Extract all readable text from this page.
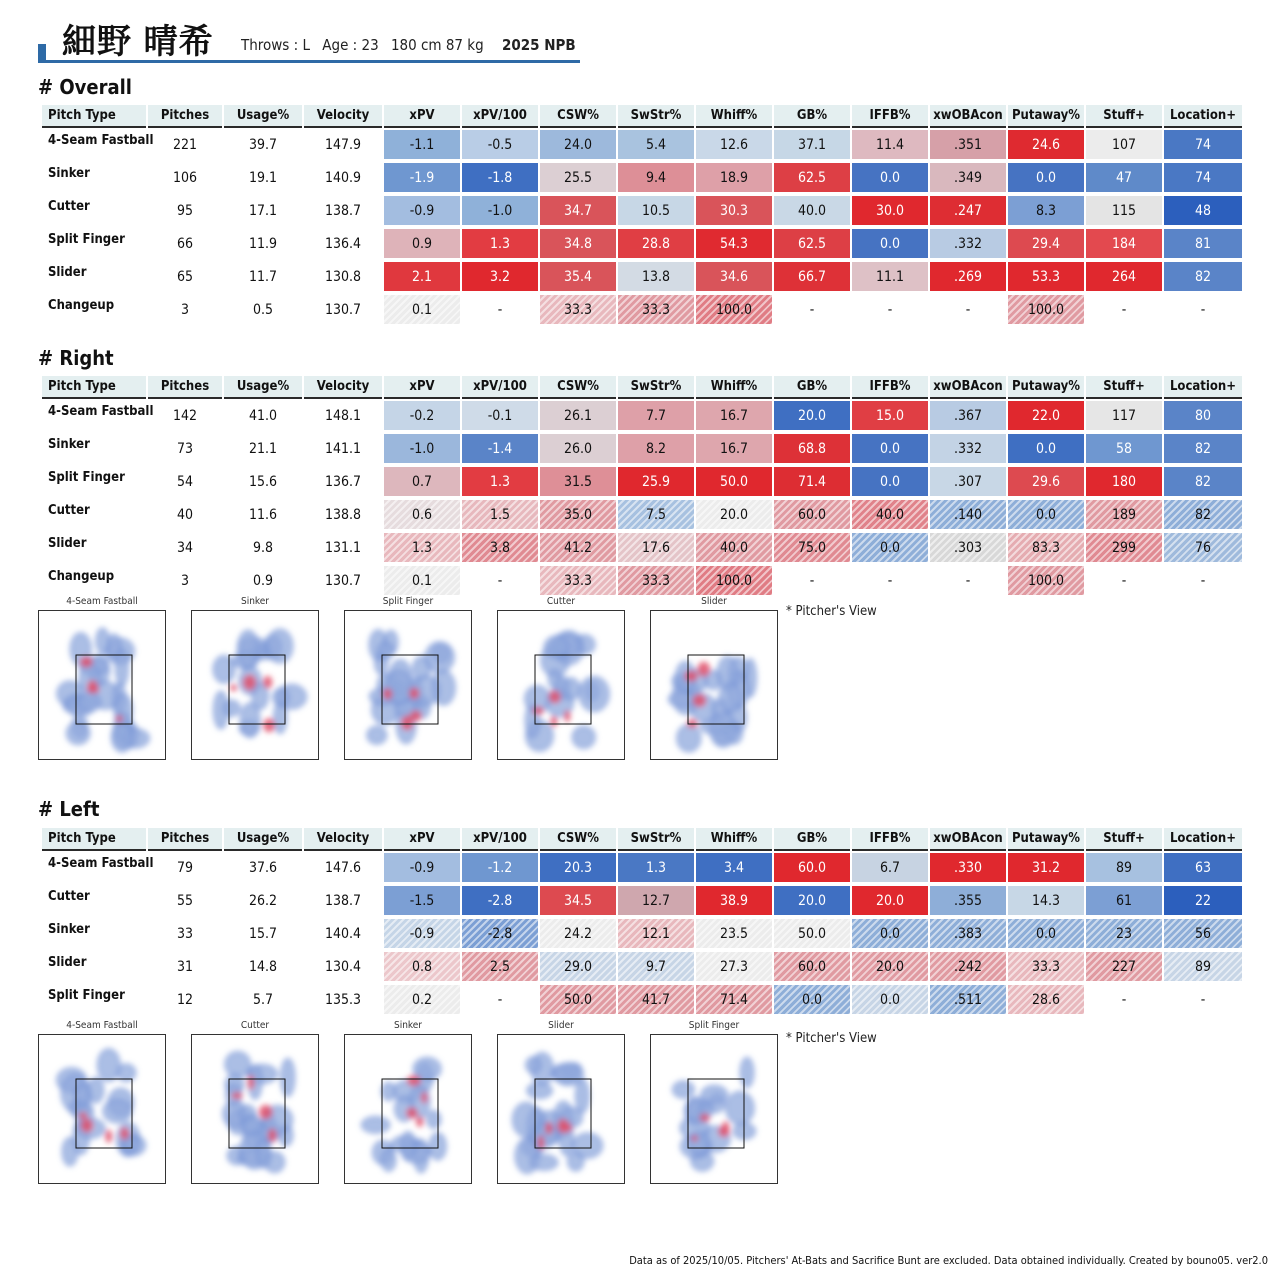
細野 晴希 Throws : L Age : 23 180 cm 87 kg 2025 NPB
# Overall
Pitch Type	Pitches	Usage%	Velocity	xPV	xPV/100	CSW%	SwStr%	Whiff%	GB%	IFFB%	xwOBAcon	Putaway%	Stuff+	Location+
4-Seam Fastball	221	39.7	147.9	-1.1	-0.5	24.0	5.4	12.6	37.1	11.4	.351	24.6	107	74
Sinker	106	19.1	140.9	-1.9	-1.8	25.5	9.4	18.9	62.5	0.0	.349	0.0	47	74
Cutter	95	17.1	138.7	-0.9	-1.0	34.7	10.5	30.3	40.0	30.0	.247	8.3	115	48
Split Finger	66	11.9	136.4	0.9	1.3	34.8	28.8	54.3	62.5	0.0	.332	29.4	184	81
Slider	65	11.7	130.8	2.1	3.2	35.4	13.8	34.6	66.7	11.1	.269	53.3	264	82
Changeup	3	0.5	130.7	0.1	-	33.3	33.3	100.0	-	-	-	100.0	-	-
# Right
Pitch Type	Pitches	Usage%	Velocity	xPV	xPV/100	CSW%	SwStr%	Whiff%	GB%	IFFB%	xwOBAcon	Putaway%	Stuff+	Location+
4-Seam Fastball	142	41.0	148.1	-0.2	-0.1	26.1	7.7	16.7	20.0	15.0	.367	22.0	117	80
Sinker	73	21.1	141.1	-1.0	-1.4	26.0	8.2	16.7	68.8	0.0	.332	0.0	58	82
Split Finger	54	15.6	136.7	0.7	1.3	31.5	25.9	50.0	71.4	0.0	.307	29.6	180	82
Cutter	40	11.6	138.8	0.6	1.5	35.0	7.5	20.0	60.0	40.0	.140	0.0	189	82
Slider	34	9.8	131.1	1.3	3.8	41.2	17.6	40.0	75.0	0.0	.303	83.3	299	76
Changeup	3	0.9	130.7	0.1	-	33.3	33.3	100.0	-	-	-	100.0	-	-
4-Seam Fastball	Sinker	Split Finger	Cutter	Slider
* Pitcher's View
# Left
Pitch Type	Pitches	Usage%	Velocity	xPV	xPV/100	CSW%	SwStr%	Whiff%	GB%	IFFB%	xwOBAcon	Putaway%	Stuff+	Location+
4-Seam Fastball	79	37.6	147.6	-0.9	-1.2	20.3	1.3	3.4	60.0	6.7	.330	31.2	89	63
Cutter	55	26.2	138.7	-1.5	-2.8	34.5	12.7	38.9	20.0	20.0	.355	14.3	61	22
Sinker	33	15.7	140.4	-0.9	-2.8	24.2	12.1	23.5	50.0	0.0	.383	0.0	23	56
Slider	31	14.8	130.4	0.8	2.5	29.0	9.7	27.3	60.0	20.0	.242	33.3	227	89
Split Finger	12	5.7	135.3	0.2	-	50.0	41.7	71.4	0.0	0.0	.511	28.6	-	-
4-Seam Fastball	Cutter	Sinker	Slider	Split Finger
* Pitcher's View
Data as of 2025/10/05. Pitchers' At-Bats and Sacrifice Bunt are excluded. Data obtained individually. Created by bouno05. ver2.0
